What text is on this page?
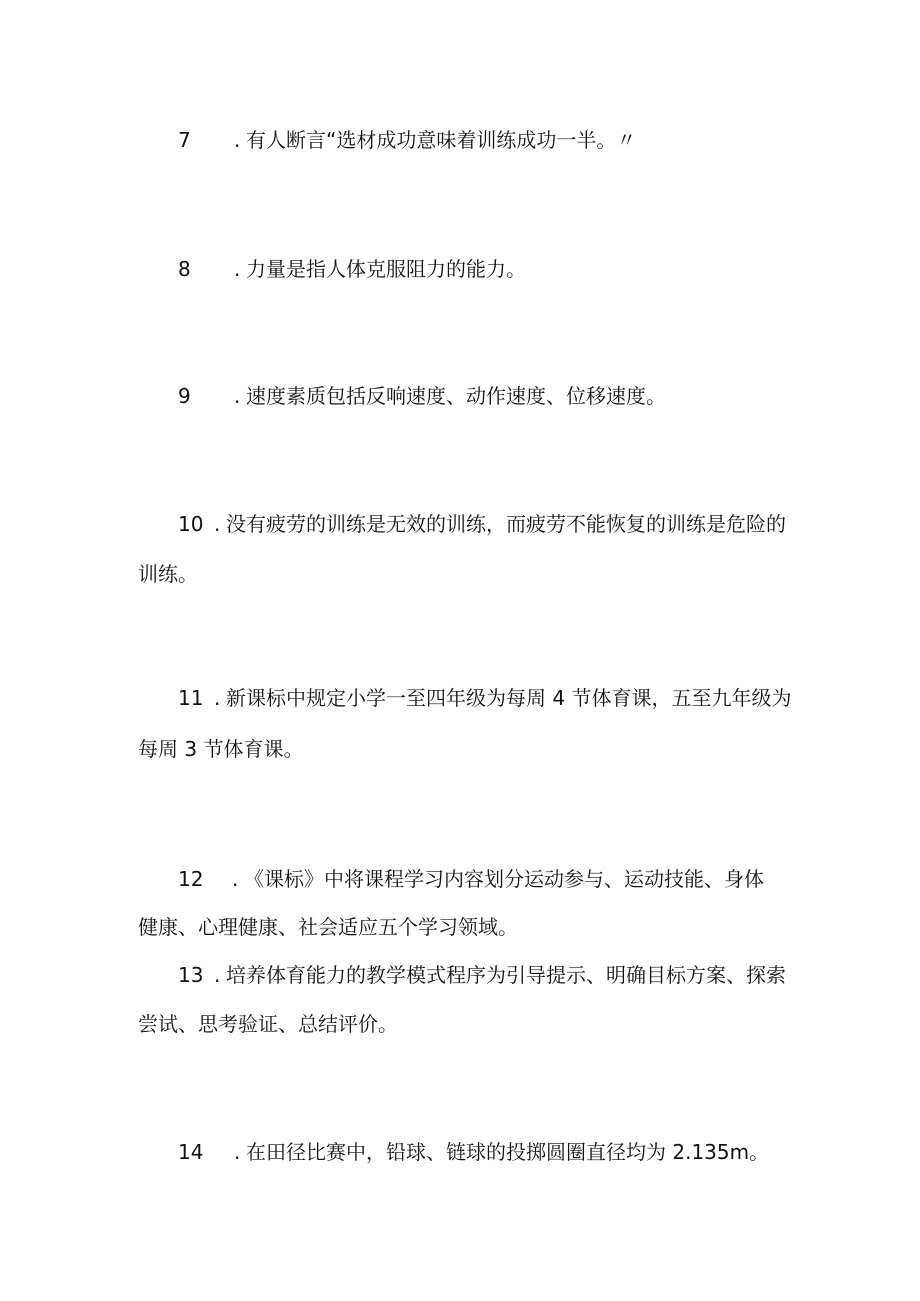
7 . 有人断言“选材成功意味着训练成功一半。〃
8 . 力量是指人体克服阻力的能力。
9 . 速度素质包括反响速度、动作速度、位移速度。
10 . 没有疲劳的训练是无效的训练，而疲劳不能恢复的训练是危险的
训练。
11 . 新课标中规定小学一至四年级为每周 4 节体育课，五至九年级为
每周 3 节体育课。
12 . 《课标》中将课程学习内容划分运动参与、运动技能、身体
健康、心理健康、社会适应五个学习领域。
13 . 培养体育能力的教学模式程序为引导提示、明确目标方案、探索
尝试、思考验证、总结评价。
14 . 在田径比赛中，铅球、链球的投掷圆圈直径均为 2.135m。
